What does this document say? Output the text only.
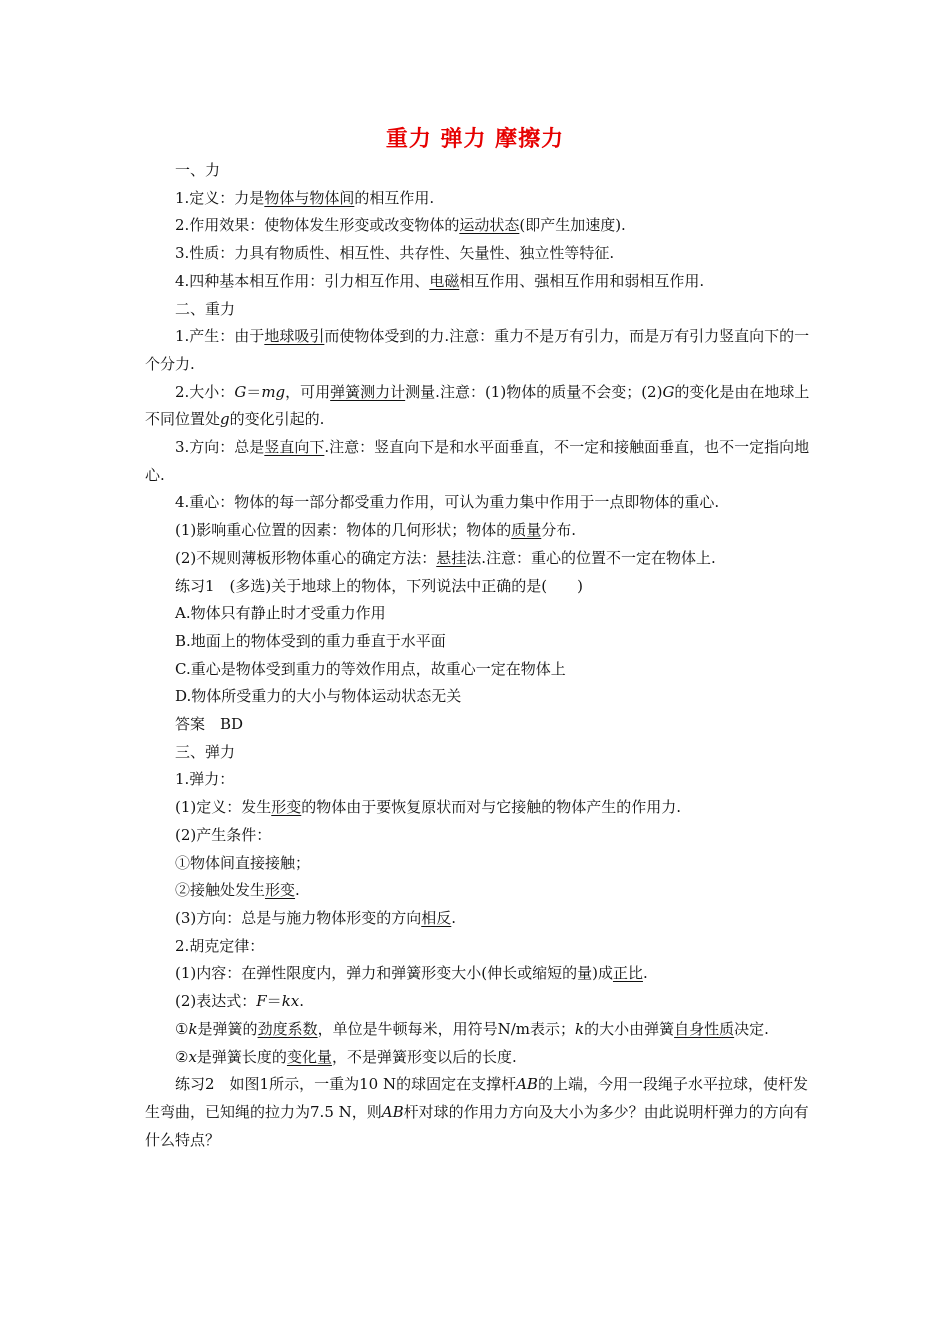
重力 弹力 摩擦力

一、力

1.定义：力是物体与物体间的相互作用.

2.作用效果：使物体发生形变或改变物体的运动状态(即产生加速度).

3.性质：力具有物质性、相互性、共存性、矢量性、独立性等特征.

4.四种基本相互作用：引力相互作用、电磁相互作用、强相互作用和弱相互作用.

二、重力

1.产生：由于地球吸引而使物体受到的力.注意：重力不是万有引力，而是万有引力竖直向下的一个分力.

2.大小：G＝mg，可用弹簧测力计测量.注意：(1)物体的质量不会变；(2)G的变化是由在地球上不同位置处g的变化引起的.

3.方向：总是竖直向下.注意：竖直向下是和水平面垂直，不一定和接触面垂直，也不一定指向地心.

4.重心：物体的每一部分都受重力作用，可认为重力集中作用于一点即物体的重心.

(1)影响重心位置的因素：物体的几何形状；物体的质量分布.

(2)不规则薄板形物体重心的确定方法：悬挂法.注意：重心的位置不一定在物体上.

练习1　(多选)关于地球上的物体，下列说法中正确的是(　　)

A.物体只有静止时才受重力作用

B.地面上的物体受到的重力垂直于水平面

C.重心是物体受到重力的等效作用点，故重心一定在物体上

D.物体所受重力的大小与物体运动状态无关

答案　BD

三、弹力

1.弹力：

(1)定义：发生形变的物体由于要恢复原状而对与它接触的物体产生的作用力.

(2)产生条件：

①物体间直接接触；

②接触处发生形变.

(3)方向：总是与施力物体形变的方向相反.

2.胡克定律：

(1)内容：在弹性限度内，弹力和弹簧形变大小(伸长或缩短的量)成正比.

(2)表达式：F＝kx.

①k是弹簧的劲度系数，单位是牛顿每米，用符号N/m表示；k的大小由弹簧自身性质决定.

②x是弹簧长度的变化量，不是弹簧形变以后的长度.

练习2　如图1所示，一重为10 N的球固定在支撑杆AB的上端，今用一段绳子水平拉球，使杆发生弯曲，已知绳的拉力为7.5 N，则AB杆对球的作用力方向及大小为多少？由此说明杆弹力的方向有什么特点？
